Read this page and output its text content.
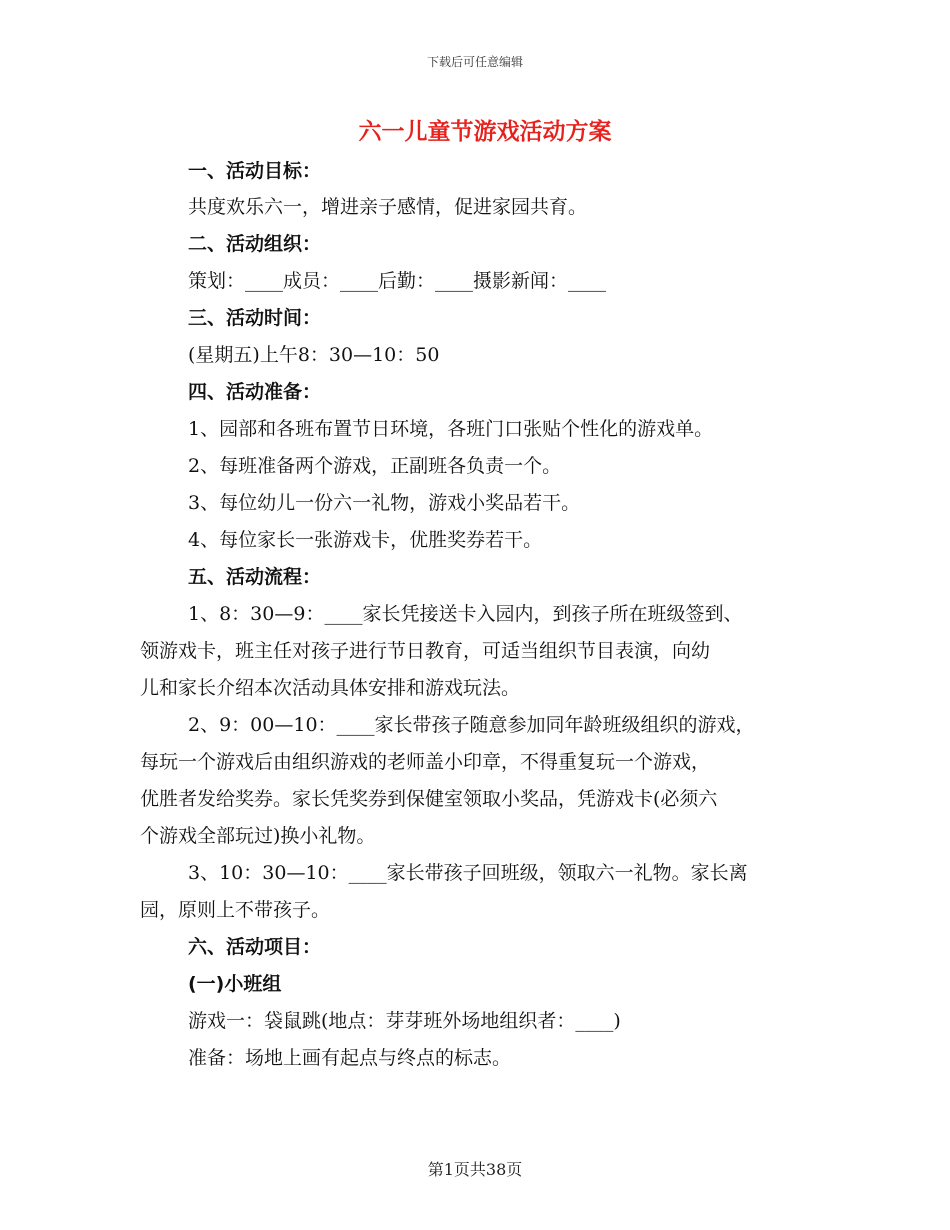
下载后可任意编辑
六一儿童节游戏活动方案
一、活动目标：
共度欢乐六一，增进亲子感情，促进家园共育。
二、活动组织：
策划：____成员：____后勤：____摄影新闻：____
三、活动时间：
(星期五)上午8：30—10：50
四、活动准备：
1、园部和各班布置节日环境，各班门口张贴个性化的游戏单。
2、每班准备两个游戏，正副班各负责一个。
3、每位幼儿一份六一礼物，游戏小奖品若干。
4、每位家长一张游戏卡，优胜奖券若干。
五、活动流程：
1、8：30—9：____家长凭接送卡入园内，到孩子所在班级签到、
领游戏卡，班主任对孩子进行节日教育，可适当组织节目表演，向幼
儿和家长介绍本次活动具体安排和游戏玩法。
2、9：00—10：____家长带孩子随意参加同年龄班级组织的游戏，
每玩一个游戏后由组织游戏的老师盖小印章，不得重复玩一个游戏，
优胜者发给奖券。家长凭奖券到保健室领取小奖品，凭游戏卡(必须六
个游戏全部玩过)换小礼物。
3、10：30—10：____家长带孩子回班级，领取六一礼物。家长离
园，原则上不带孩子。
六、活动项目：
(一)小班组
游戏一：袋鼠跳(地点：芽芽班外场地组织者：____)
准备：场地上画有起点与终点的标志。
第1页共38页
